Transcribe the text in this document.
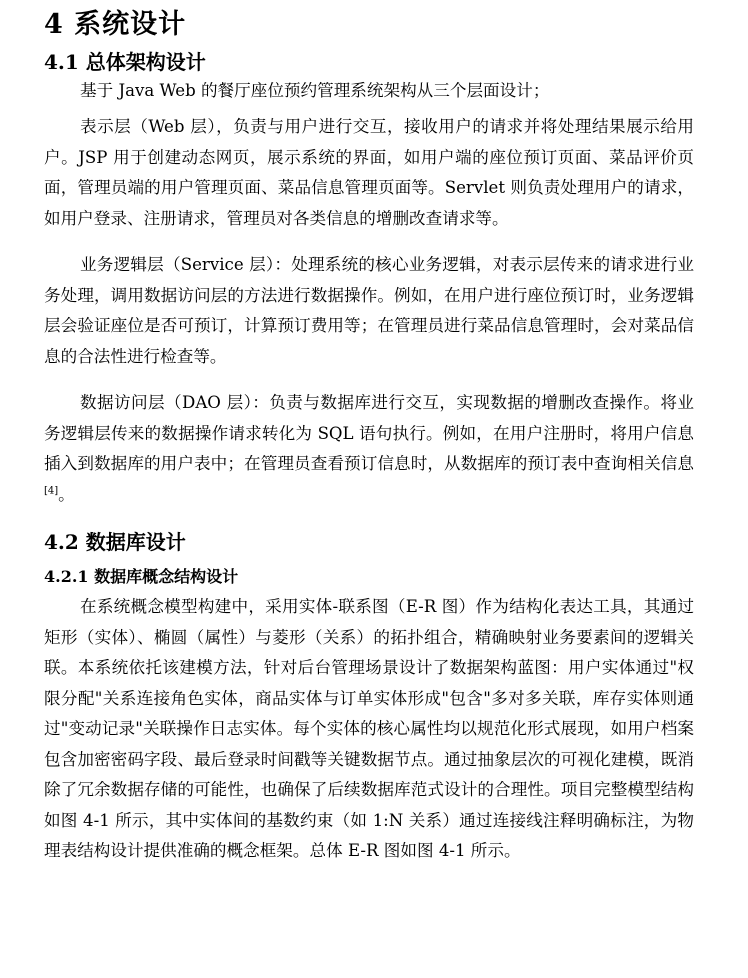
4 系统设计
4.1 总体架构设计

基于 Java Web 的餐厅座位预约管理系统架构从三个层面设计；

表示层（Web 层），负责与用户进行交互，接收用户的请求并将处理结果展示给用户。JSP 用于创建动态网页，展示系统的界面，如用户端的座位预订页面、菜品评价页面，管理员端的用户管理页面、菜品信息管理页面等。Servlet 则负责处理用户的请求，如用户登录、注册请求，管理员对各类信息的增删改查请求等。

业务逻辑层（Service 层）：处理系统的核心业务逻辑，对表示层传来的请求进行业务处理，调用数据访问层的方法进行数据操作。例如，在用户进行座位预订时，业务逻辑层会验证座位是否可预订，计算预订费用等；在管理员进行菜品信息管理时，会对菜品信息的合法性进行检查等。

数据访问层（DAO 层）：负责与数据库进行交互，实现数据的增删改查操作。将业务逻辑层传来的数据操作请求转化为 SQL 语句执行。例如，在用户注册时，将用户信息插入到数据库的用户表中；在管理员查看预订信息时，从数据库的预订表中查询相关信息[4]。

4.2 数据库设计
4.2.1 数据库概念结构设计

在系统概念模型构建中，采用实体-联系图（E-R 图）作为结构化表达工具，其通过矩形（实体）、椭圆（属性）与菱形（关系）的拓扑组合，精确映射业务要素间的逻辑关联。本系统依托该建模方法，针对后台管理场景设计了数据架构蓝图：用户实体通过"权限分配"关系连接角色实体，商品实体与订单实体形成"包含"多对多关联，库存实体则通过"变动记录"关联操作日志实体。每个实体的核心属性均以规范化形式展现，如用户档案包含加密密码字段、最后登录时间戳等关键数据节点。通过抽象层次的可视化建模，既消除了冗余数据存储的可能性，也确保了后续数据库范式设计的合理性。项目完整模型结构如图 4-1 所示，其中实体间的基数约束（如 1:N 关系）通过连接线注释明确标注，为物理表结构设计提供准确的概念框架。总体 E-R 图如图 4-1 所示。
